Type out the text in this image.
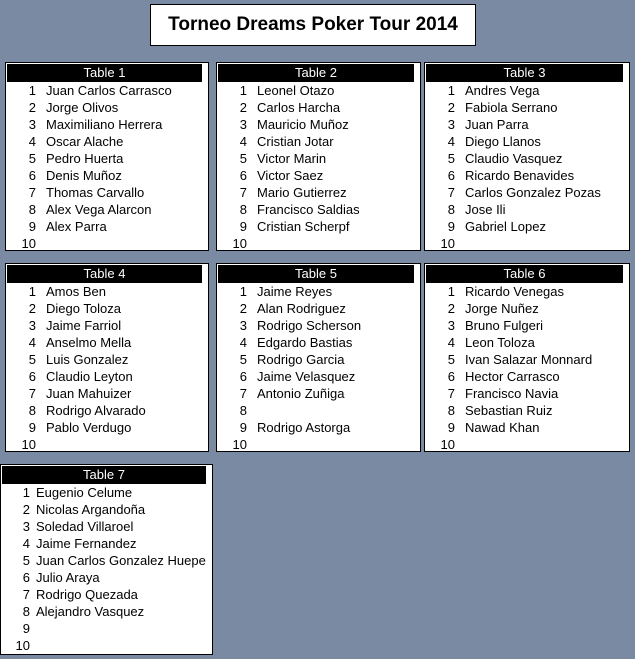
Torneo Dreams Poker Tour 2014
Table 1
1 Juan Carlos Carrasco
2 Jorge Olivos
3 Maximiliano Herrera
4 Oscar Alache
5 Pedro Huerta
6 Denis Muñoz
7 Thomas Carvallo
8 Alex Vega Alarcon
9 Alex Parra
10
Table 2
1 Leonel Otazo
2 Carlos Harcha
3 Mauricio Muñoz
4 Cristian Jotar
5 Victor Marin
6 Victor Saez
7 Mario Gutierrez
8 Francisco Saldias
9 Cristian Scherpf
10
Table 3
1 Andres Vega
2 Fabiola Serrano
3 Juan Parra
4 Diego Llanos
5 Claudio Vasquez
6 Ricardo Benavides
7 Carlos Gonzalez Pozas
8 Jose Ili
9 Gabriel Lopez
10
Table 4
1 Amos Ben
2 Diego Toloza
3 Jaime Farriol
4 Anselmo Mella
5 Luis Gonzalez
6 Claudio Leyton
7 Juan Mahuizer
8 Rodrigo Alvarado
9 Pablo Verdugo
10
Table 5
1 Jaime Reyes
2 Alan Rodriguez
3 Rodrigo Scherson
4 Edgardo Bastias
5 Rodrigo Garcia
6 Jaime Velasquez
7 Antonio Zuñiga
8
9 Rodrigo Astorga
10
Table 6
1 Ricardo Venegas
2 Jorge Nuñez
3 Bruno Fulgeri
4 Leon Toloza
5 Ivan Salazar Monnard
6 Hector Carrasco
7 Francisco Navia
8 Sebastian Ruiz
9 Nawad Khan
10
Table 7
1 Eugenio Celume
2 Nicolas Argandoña
3 Soledad Villaroel
4 Jaime Fernandez
5 Juan Carlos Gonzalez Huepe
6 Julio Araya
7 Rodrigo Quezada
8 Alejandro Vasquez
9
10
